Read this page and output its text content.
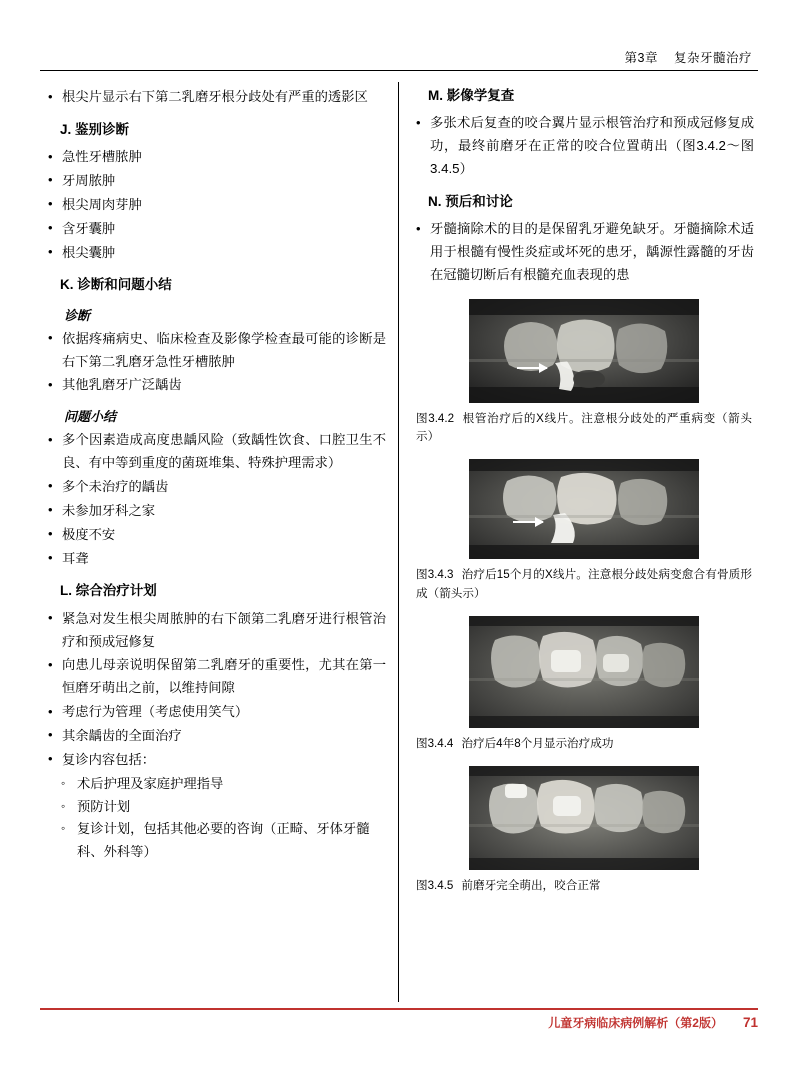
第3章 复杂牙髓治疗
• 根尖片显示右下第二乳磨牙根分歧处有严重的透影区
J. 鉴别诊断
• 急性牙槽脓肿
• 牙周脓肿
• 根尖周肉芽肿
• 含牙囊肿
• 根尖囊肿
K. 诊断和问题小结
诊断
• 依据疼痛病史、临床检查及影像学检查最可能的诊断是右下第二乳磨牙急性牙槽脓肿
• 其他乳磨牙广泛龋齿
问题小结
• 多个因素造成高度患龋风险（致龋性饮食、口腔卫生不良、有中等到重度的菌斑堆集、特殊护理需求）
• 多个未治疗的龋齿
• 未参加牙科之家
• 极度不安
• 耳聋
L. 综合治疗计划
• 紧急对发生根尖周脓肿的右下颌第二乳磨牙进行根管治疗和预成冠修复
• 向患儿母亲说明保留第二乳磨牙的重要性，尤其在第一恒磨牙萌出之前，以维持间隙
• 考虑行为管理（考虑使用笑气）
• 其余龋齿的全面治疗
• 复诊内容包括：
◦ 术后护理及家庭护理指导
◦ 预防计划
◦ 复诊计划，包括其他必要的咨询（正畸、牙体牙髓科、外科等）
M. 影像学复查
• 多张术后复查的咬合翼片显示根管治疗和预成冠修复成功，最终前磨牙在正常的咬合位置萌出（图3.4.2～图3.4.5）
N. 预后和讨论
• 牙髓摘除术的目的是保留乳牙避免缺牙。牙髓摘除术适用于根髓有慢性炎症或坏死的患牙，龋源性露髓的牙齿在冠髓切断后有根髓充血表现的患
图3.4.2 根管治疗后的X线片。注意根分歧处的严重病变（箭头示）
图3.4.3 治疗后15个月的X线片。注意根分歧处病变愈合有骨质形成（箭头示）
图3.4.4 治疗后4年8个月显示治疗成功
图3.4.5 前磨牙完全萌出，咬合正常
儿童牙病临床病例解析（第2版） 71
